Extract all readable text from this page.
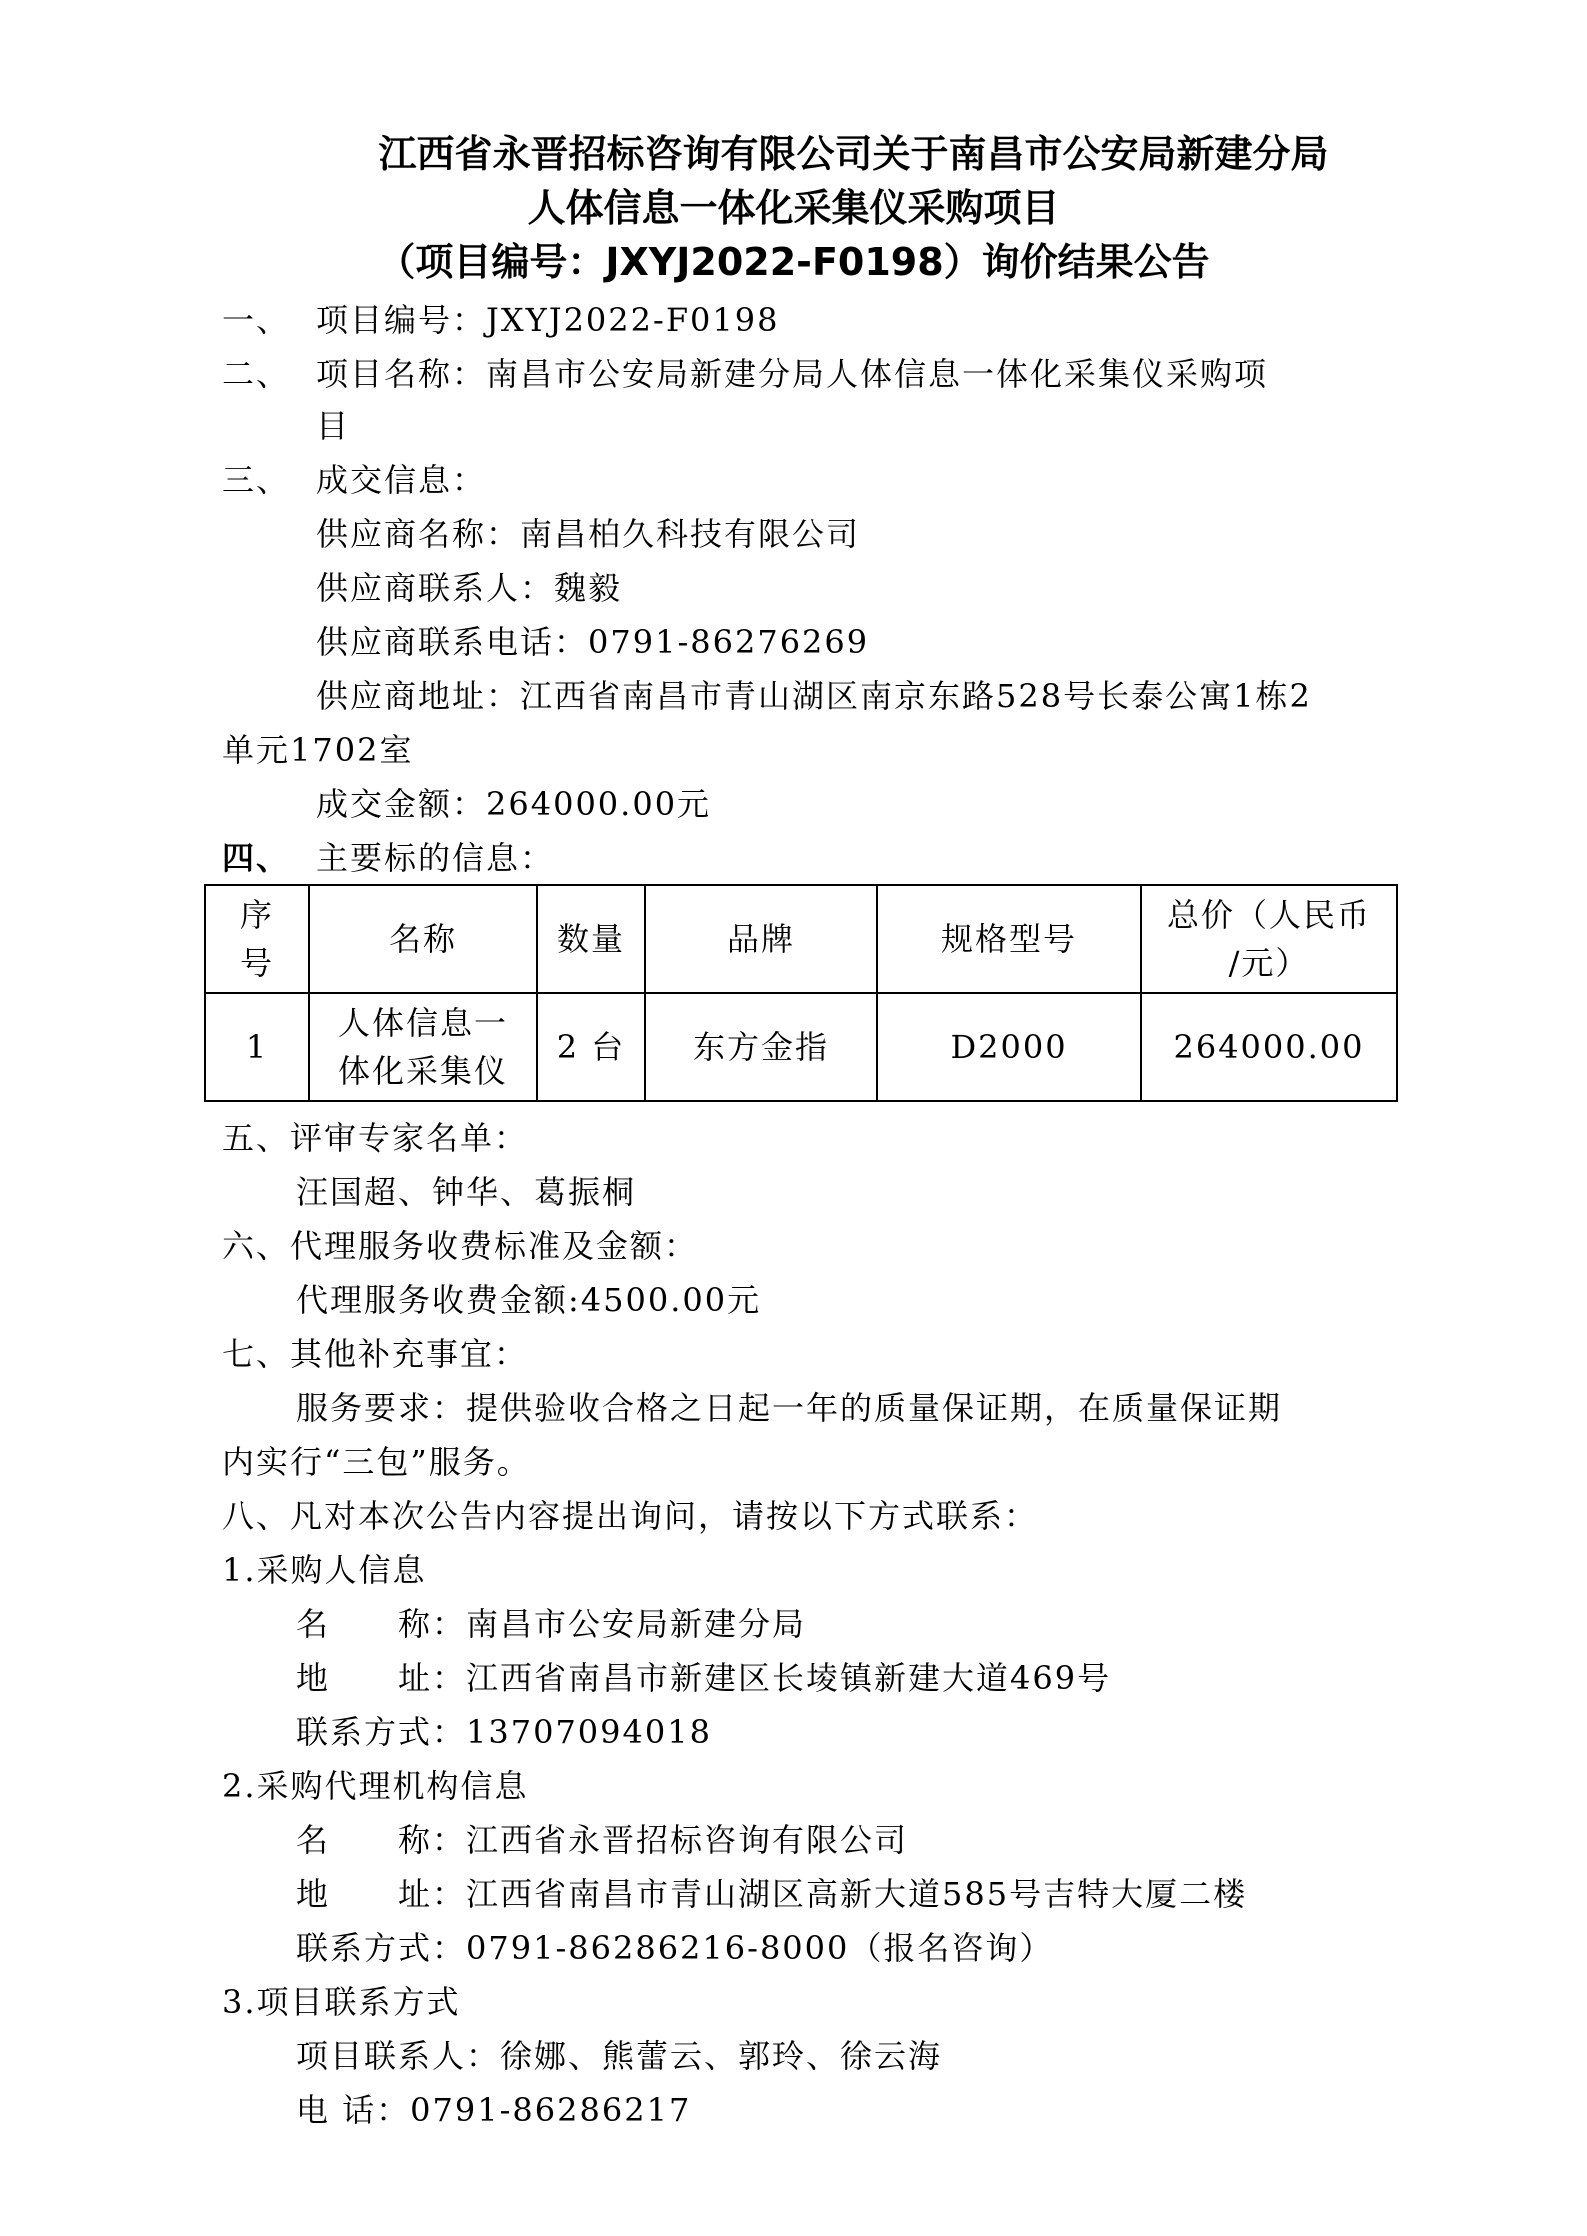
江西省永晋招标咨询有限公司关于南昌市公安局新建分局
人体信息一体化采集仪采购项目
（项目编号：JXYJ2022-F0198）询价结果公告
一、 项目编号：JXYJ2022-F0198
二、 项目名称：南昌市公安局新建分局人体信息一体化采集仪采购项
目
三、 成交信息：
供应商名称：南昌柏久科技有限公司
供应商联系人：魏毅
供应商联系电话：0791-86276269
供应商地址：江西省南昌市青山湖区南京东路528号长泰公寓1栋2
单元1702室
成交金额：264000.00元
四、 主要标的信息：
序
号	名称	数量	品牌	规格型号	总价（人民币
/元）
1	人体信息一
体化采集仪	2 台	东方金指	D2000	264000.00
五、评审专家名单：
汪国超、钟华、葛振桐
六、代理服务收费标准及金额：
代理服务收费金额:4500.00元
七、其他补充事宜：
服务要求：提供验收合格之日起一年的质量保证期，在质量保证期
内实行“三包”服务。
八、凡对本次公告内容提出询问，请按以下方式联系：
1.采购人信息
名　　称：南昌市公安局新建分局
地　　址：江西省南昌市新建区长堎镇新建大道469号
联系方式：13707094018
2.采购代理机构信息
名　　称：江西省永晋招标咨询有限公司
地　　址：江西省南昌市青山湖区高新大道585号吉特大厦二楼
联系方式：0791-86286216-8000（报名咨询）
3.项目联系方式
项目联系人：徐娜、熊蕾云、郭玲、徐云海
电 话：0791-86286217
